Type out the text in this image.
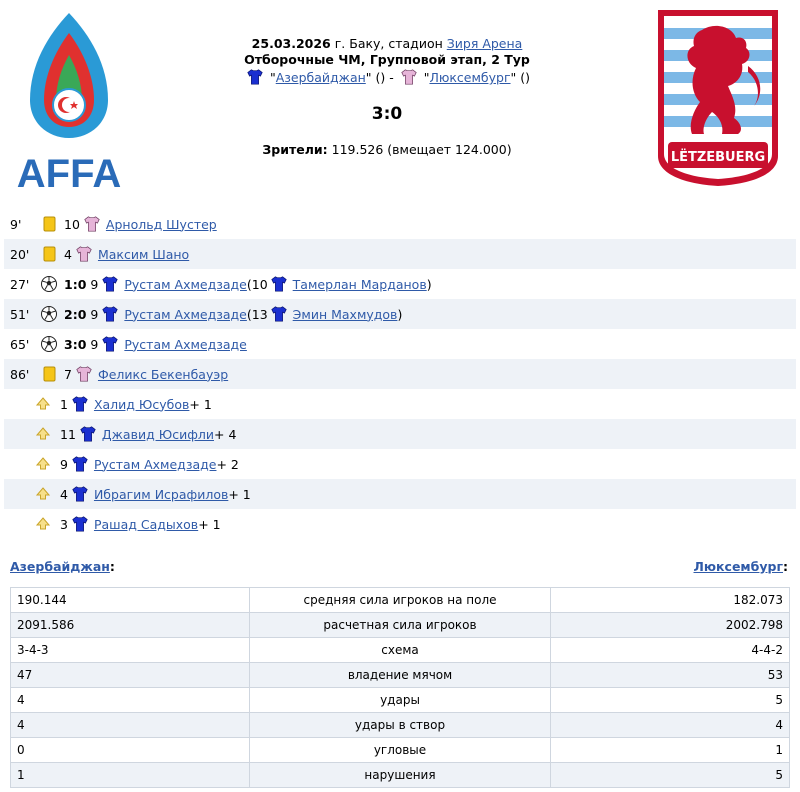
AFFA	LËTZEBUERG
25.03.2026 г. Баку, стадион Зиря Арена
Отборочные ЧМ, Групповой этап, 2 Тур
"Азербайджан" () -  "Люксембург" ()
3:0
Зрители: 119.526 (вмещает 124.000)
9'	10 Арнольд Шустер
20'	4 Максим Шано
27'	1:0 9 Рустам Ахмедзаде (10 Тамерлан Марданов )
51'	2:0 9 Рустам Ахмедзаде (13 Эмин Махмудов )
65'	3:0 9 Рустам Ахмедзаде
86'	7 Феликс Бекенбауэр
1 Халид Юсубов + 1
11 Джавид Юсифли + 4
9 Рустам Ахмедзаде + 2
4 Ибрагим Исрафилов + 1
3 Рашад Садыхов + 1
Азербайджан:	Люксембург:
190.144	средняя сила игроков на поле	182.073
2091.586	расчетная сила игроков	2002.798
3-4-3	схема	4-4-2
47	владение мячом	53
4	удары	5
4	удары в створ	4
0	угловые	1
1	нарушения	5
